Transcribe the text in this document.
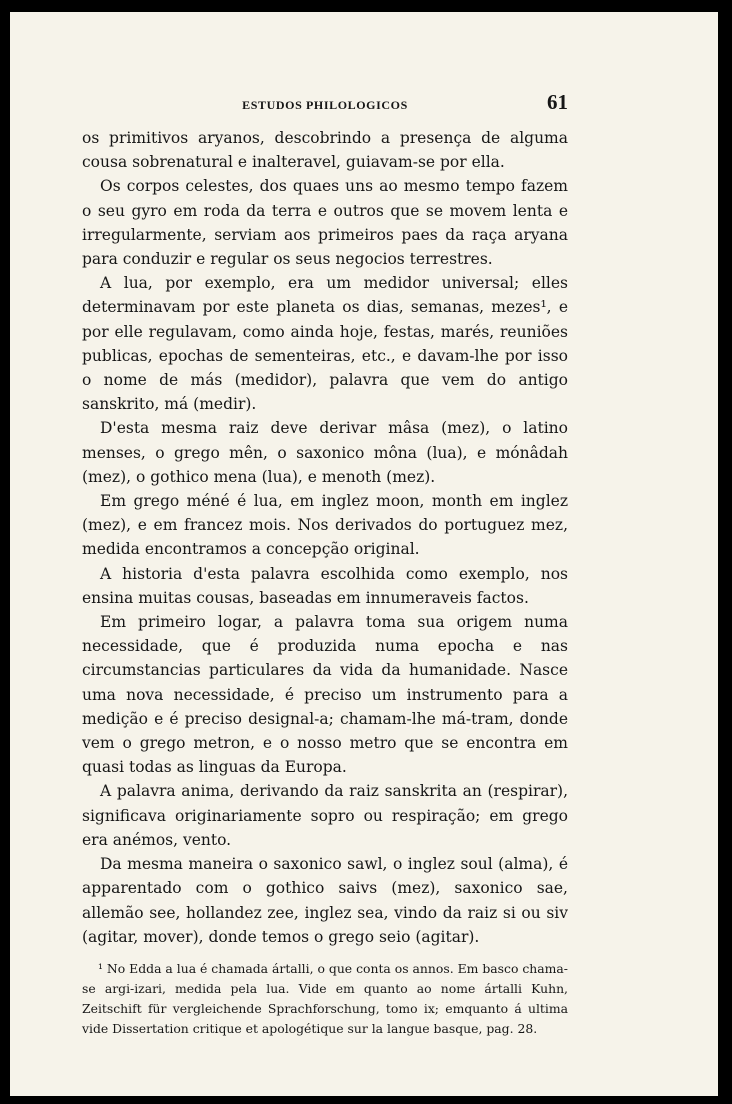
ESTUDOS PHILOLOGICOS	61

os primitivos aryanos, descobrindo a presença de alguma cousa sobrenatural e inalteravel, guiavam-se por ella.

Os corpos celestes, dos quaes uns ao mesmo tempo fazem o seu gyro em roda da terra e outros que se movem lenta e irregularmente, serviam aos primeiros paes da raça aryana para conduzir e regular os seus negocios terrestres.

A lua, por exemplo, era um medidor universal; elles determinavam por este planeta os dias, semanas, mezes¹, e por elle regulavam, como ainda hoje, festas, marés, reuniões publicas, epochas de sementeiras, etc., e davam-lhe por isso o nome de más (medidor), palavra que vem do antigo sanskrito, má (medir).

D'esta mesma raiz deve derivar mâsa (mez), o latino menses, o grego mên, o saxonico môna (lua), e mónâdah (mez), o gothico mena (lua), e menoth (mez).

Em grego méné é lua, em inglez moon, month em inglez (mez), e em francez mois. Nos derivados do portuguez mez, medida encontramos a concepção original.

A historia d'esta palavra escolhida como exemplo, nos ensina muitas cousas, baseadas em innumeraveis factos.

Em primeiro logar, a palavra toma sua origem numa necessidade, que é produzida numa epocha e nas circumstancias particulares da vida da humanidade. Nasce uma nova necessidade, é preciso um instrumento para a medição e é preciso designal-a; chamam-lhe má-tram, donde vem o grego metron, e o nosso metro que se encontra em quasi todas as linguas da Europa.

A palavra anima, derivando da raiz sanskrita an (respirar), significava originariamente sopro ou respiração; em grego era anémos, vento.

Da mesma maneira o saxonico sawl, o inglez soul (alma), é apparentado com o gothico saivs (mez), saxonico sae, allemão see, hollandez zee, inglez sea, vindo da raiz si ou siv (agitar, mover), donde temos o grego seio (agitar).

¹ No Edda a lua é chamada ártalli, o que conta os annos. Em basco chama-se argi-izari, medida pela lua. Vide em quanto ao nome ártalli Kuhn, Zeitschift für vergleichende Sprachforschung, tomo ix; emquanto á ultima vide Dissertation critique et apologétique sur la langue basque, pag. 28.
